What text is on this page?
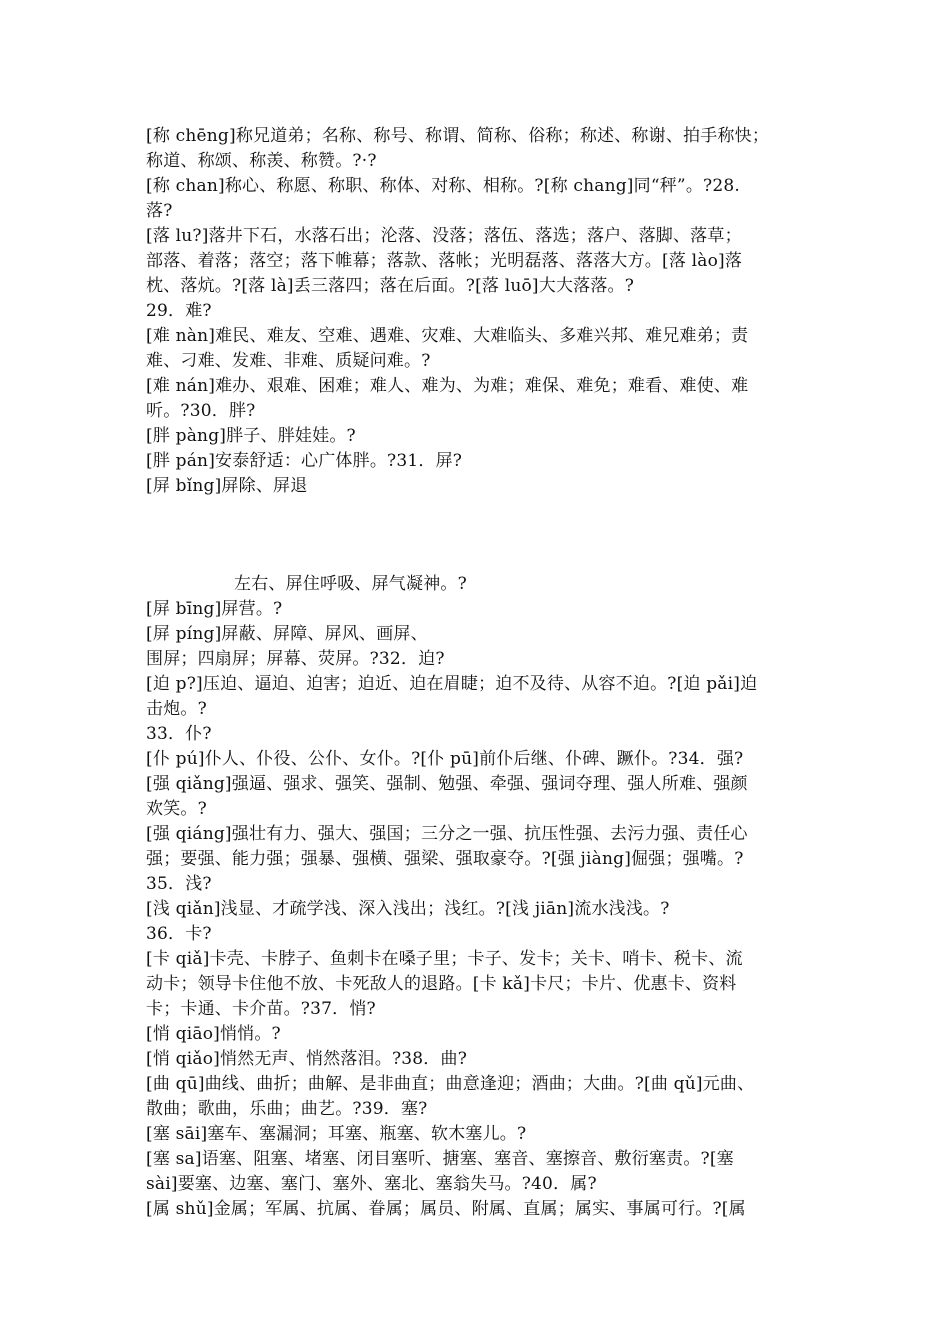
[称 chēng]称兄道弟；名称、称号、称谓、简称、俗称；称述、称谢、拍手称快；
称道、称颂、称羡、称赞。?·?
[称 chan]称心、称愿、称职、称体、对称、相称。?[称 chang]同“秤”。?28.
落?
[落 lu?]落井下石，水落石出；沦落、没落；落伍、落选；落户、落脚、落草；
部落、着落；落空；落下帷幕；落款、落帐；光明磊落、落落大方。[落 lào]落
枕、落炕。?[落 là]丢三落四；落在后面。?[落 luō]大大落落。?
29．难?
[难 nàn]难民、难友、空难、遇难、灾难、大难临头、多难兴邦、难兄难弟；责
难、刁难、发难、非难、质疑问难。?
[难 nán]难办、艰难、困难；难人、难为、为难；难保、难免；难看、难使、难
听。?30．胖?
[胖 pàng]胖子、胖娃娃。?
[胖 pán]安泰舒适：心广体胖。?31．屏?
[屏 bǐng]屏除、屏退
左右、屏住呼吸、屏气凝神。?
[屏 bīng]屏营。?
[屏 píng]屏蔽、屏障、屏风、画屏、
围屏；四扇屏；屏幕、荧屏。?32．迫?
[迫 p?]压迫、逼迫、迫害；迫近、迫在眉睫；迫不及待、从容不迫。?[迫 pǎi]迫
击炮。?
33．仆?
[仆 pú]仆人、仆役、公仆、女仆。?[仆 pū]前仆后继、仆碑、蹶仆。?34．强?
[强 qiǎng]强逼、强求、强笑、强制、勉强、牵强、强词夺理、强人所难、强颜
欢笑。?
[强 qiáng]强壮有力、强大、强国；三分之一强、抗压性强、去污力强、责任心
强；要强、能力强；强暴、强横、强梁、强取豪夺。?[强 jiàng]倔强；强嘴。?
35．浅?
[浅 qiǎn]浅显、才疏学浅、深入浅出；浅红。?[浅 jiān]流水浅浅。?
36．卡?
[卡 qiǎ]卡壳、卡脖子、鱼刺卡在嗓子里；卡子、发卡；关卡、哨卡、税卡、流
动卡；领导卡住他不放、卡死敌人的退路。[卡 kǎ]卡尺；卡片、优惠卡、资料
卡；卡通、卡介苗。?37．悄?
[悄 qiāo]悄悄。?
[悄 qiǎo]悄然无声、悄然落泪。?38．曲?
[曲 qū]曲线、曲折；曲解、是非曲直；曲意逢迎；酒曲；大曲。?[曲 qǔ]元曲、
散曲；歌曲，乐曲；曲艺。?39．塞?
[塞 sāi]塞车、塞漏洞；耳塞、瓶塞、软木塞儿。?
[塞 sa]语塞、阻塞、堵塞、闭目塞听、搪塞、塞音、塞擦音、敷衍塞责。?[塞
sài]要塞、边塞、塞门、塞外、塞北、塞翁失马。?40．属?
[属 shǔ]金属；军属、抗属、眷属；属员、附属、直属；属实、事属可行。?[属
